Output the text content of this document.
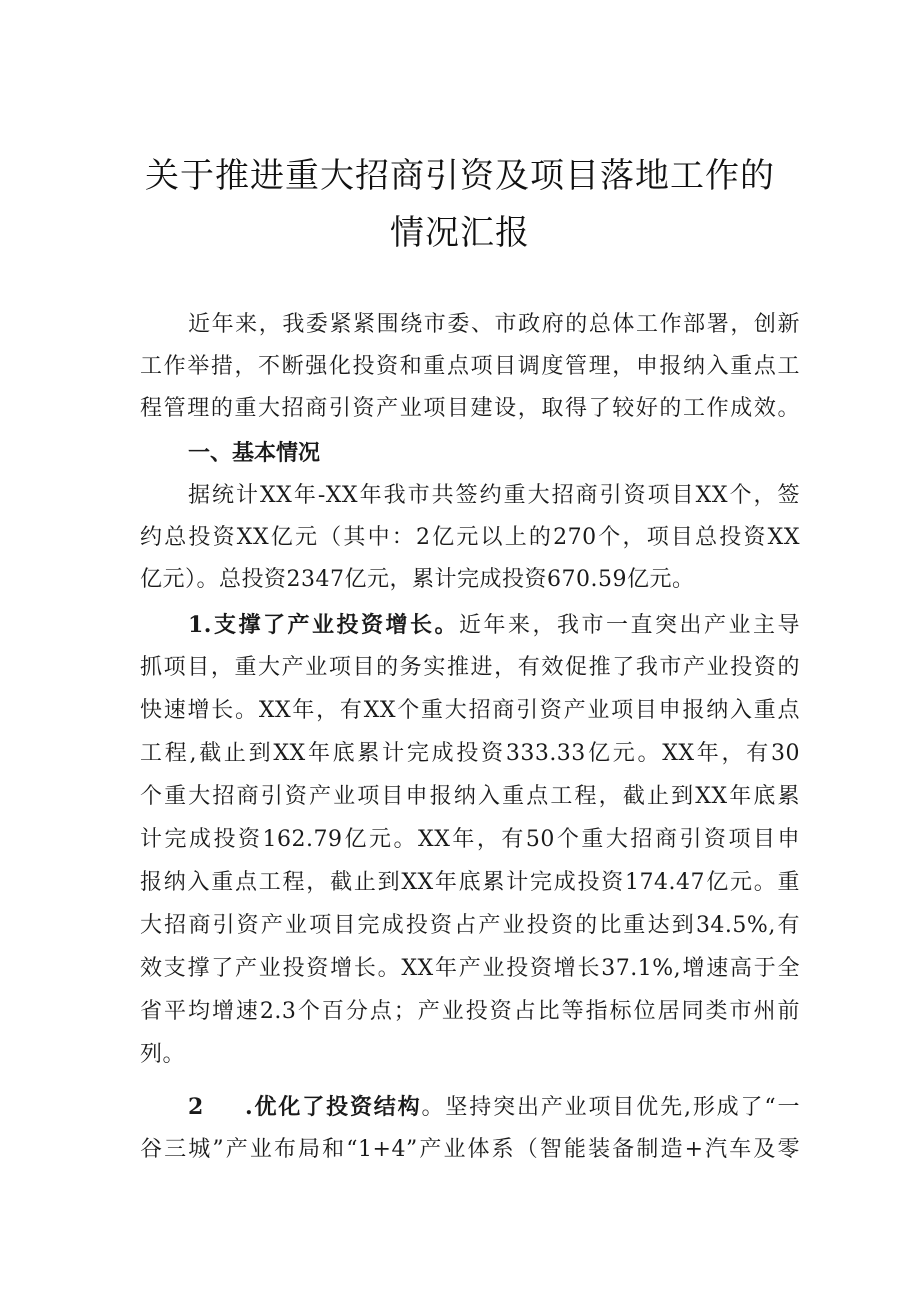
关于推进重大招商引资及项目落地工作的
情况汇报
近年来，我委紧紧围绕市委、市政府的总体工作部署，创新
工作举措，不断强化投资和重点项目调度管理，申报纳入重点工
程管理的重大招商引资产业项目建设，取得了较好的工作成效。
一、基本情况
据统计XX年-XX年我市共签约重大招商引资项目XX个，签
约总投资XX亿元（其中：2亿元以上的270个，项目总投资XX
亿元）。总投资2347亿元，累计完成投资670.59亿元。
1.支撑了产业投资增长。近年来，我市一直突出产业主导
抓项目，重大产业项目的务实推进，有效促推了我市产业投资的
快速增长。XX年，有XX个重大招商引资产业项目申报纳入重点
工程,截止到XX年底累计完成投资333.33亿元。XX年，有30
个重大招商引资产业项目申报纳入重点工程，截止到XX年底累
计完成投资162.79亿元。XX年，有50个重大招商引资项目申
报纳入重点工程，截止到XX年底累计完成投资174.47亿元。重
大招商引资产业项目完成投资占产业投资的比重达到34.5%,有
效支撑了产业投资增长。XX年产业投资增长37.1%,增速高于全
省平均增速2.3个百分点；产业投资占比等指标位居同类市州前
列。
2 .优化了投资结构。坚持突出产业项目优先,形成了“一
谷三城”产业布局和“1+4”产业体系（智能装备制造+汽车及零
